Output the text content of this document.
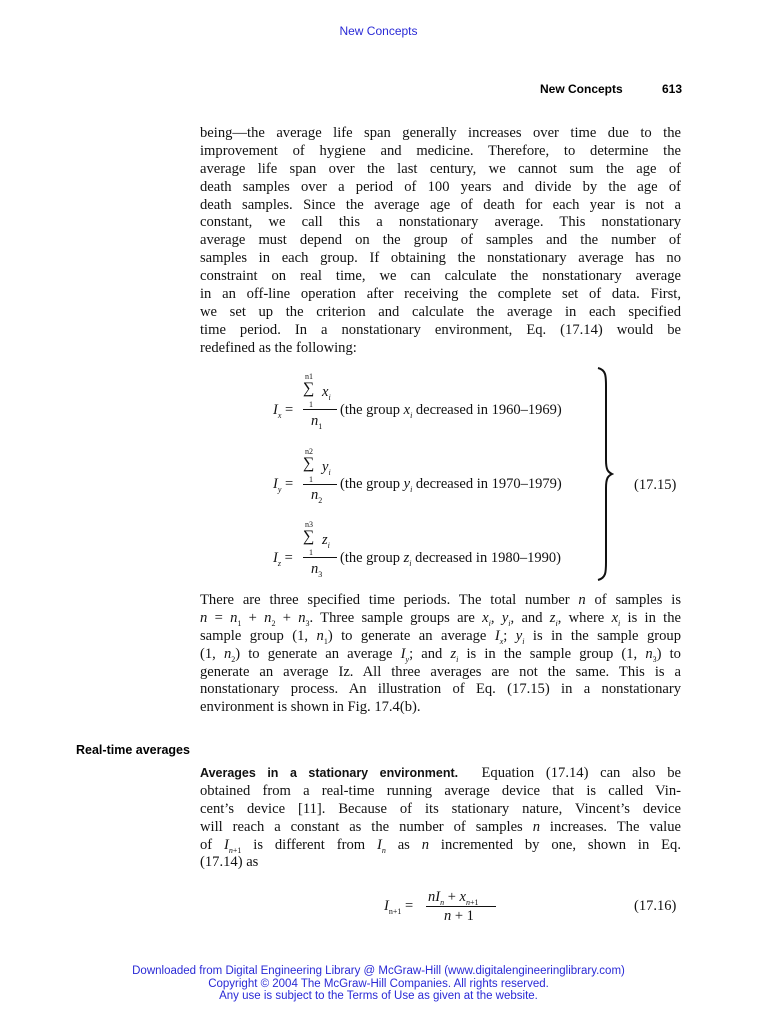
New Concepts
New Concepts	613
being—the average life span generally increases over time due to the
improvement of hygiene and medicine. Therefore, to determine the
average life span over the last century, we cannot sum the age of
death samples over a period of 100 years and divide by the age of
death samples. Since the average age of death for each year is not a
constant, we call this a nonstationary average. This nonstationary
average must depend on the group of samples and the number of
samples in each group. If obtaining the nonstationary average has no
constraint on real time, we can calculate the nonstationary average
in an off-line operation after receiving the complete set of data. First,
we set up the criterion and calculate the average in each specified
time period. In a nonstationary environment, Eq. (17.14) would be
redefined as the following:
$I_x$ =
n1
∑ $x_i$
1
$n_1$
(the group $x_i$ decreased in 1960–1969)
$I_y$ =
n2
∑ $y_i$
1
$n_2$
(the group $y_i$ decreased in 1970–1979)
$I_z$ =
n3
∑ $z_i$
1
$n_3$
(the group $z_i$ decreased in 1980–1990)
(17.15)
There are three specified time periods. The total number n of samples is
$n = n_1 + n_2 + n_3$. Three sample groups are $x_i$, $y_i$, and $z_i$, where $x_i$ is in the
sample group (1, $n_1$) to generate an average $I_x$; $y_i$ is in the sample group
(1, $n_2$) to generate an average $I_y$; and $z_i$ is in the sample group (1, $n_3$) to
generate an average Iz. All three averages are not the same. This is a
nonstationary process. An illustration of Eq. (17.15) in a nonstationary
environment is shown in Fig. 17.4(b).
Real-time averages
Averages in a stationary environment. Equation (17.14) can also be
obtained from a real-time running average device that is called Vin-
cent’s device [11]. Because of its stationary nature, Vincent’s device
will reach a constant as the number of samples n increases. The value
of $I_{n+1}$ is different from $I_n$ as n incremented by one, shown in Eq.
(17.14) as
$I_{n+1}$ =
$nI_n + x_{n+1}$
n + 1
(17.16)
Downloaded from Digital Engineering Library @ McGraw-Hill (www.digitalengineeringlibrary.com)
Copyright © 2004 The McGraw-Hill Companies. All rights reserved.
Any use is subject to the Terms of Use as given at the website.
